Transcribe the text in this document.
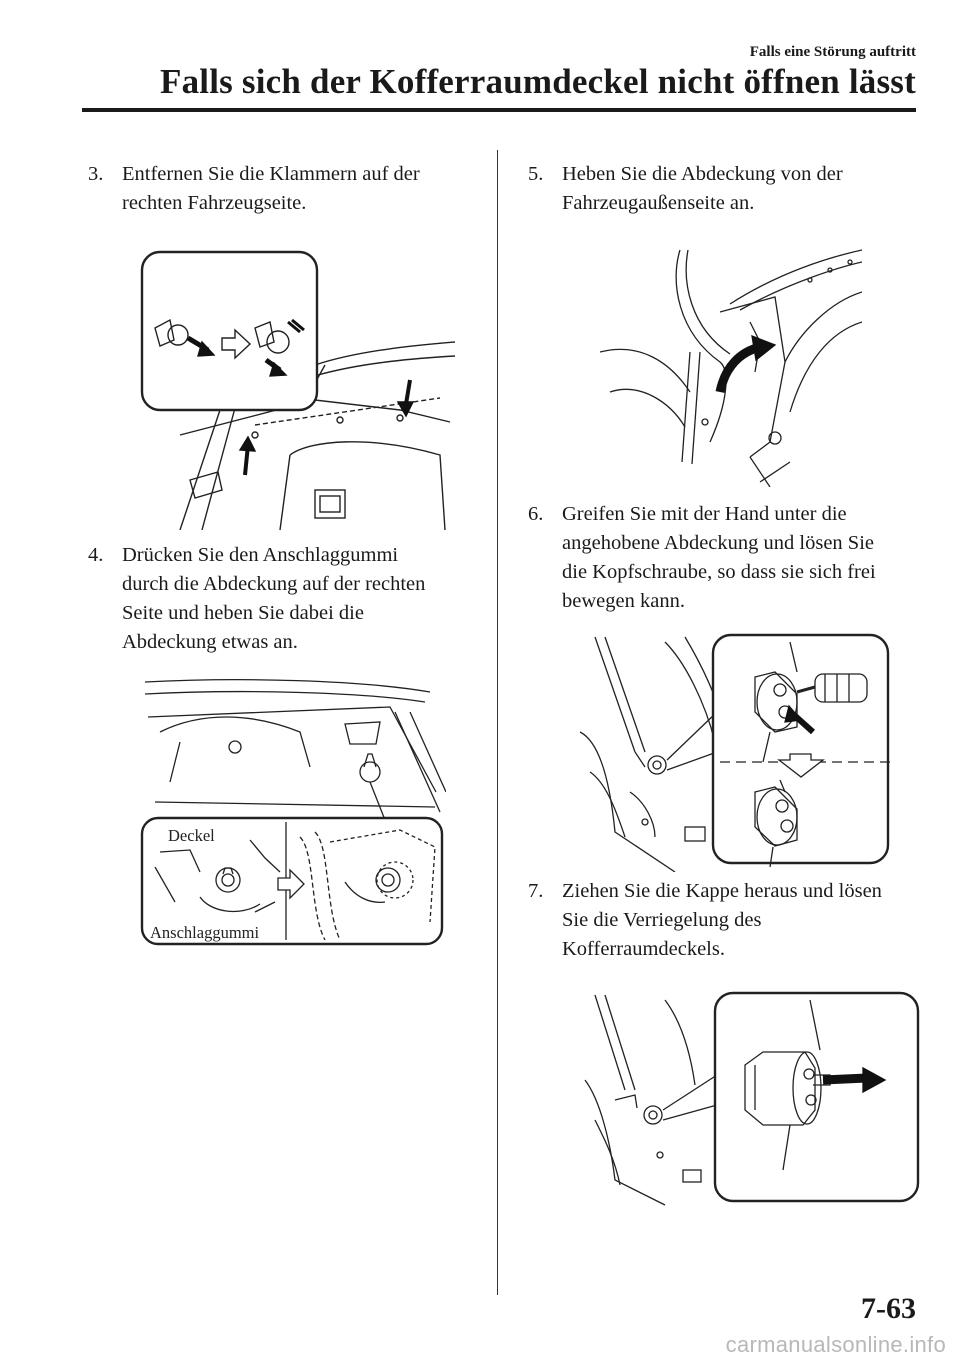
Falls eine Störung auftritt
Falls sich der Kofferraumdeckel nicht öffnen lässt
3. Entfernen Sie die Klammern auf der
rechten Fahrzeugseite.
4. Drücken Sie den Anschlaggummi
durch die Abdeckung auf der rechten
Seite und heben Sie dabei die
Abdeckung etwas an.
Deckel
Anschlaggummi
5. Heben Sie die Abdeckung von der
Fahrzeugaußenseite an.
6. Greifen Sie mit der Hand unter die
angehobene Abdeckung und lösen Sie
die Kopfschraube, so dass sie sich frei
bewegen kann.
7. Ziehen Sie die Kappe heraus und lösen
Sie die Verriegelung des
Kofferraumdeckels.
7-63
carmanualsonline.info
